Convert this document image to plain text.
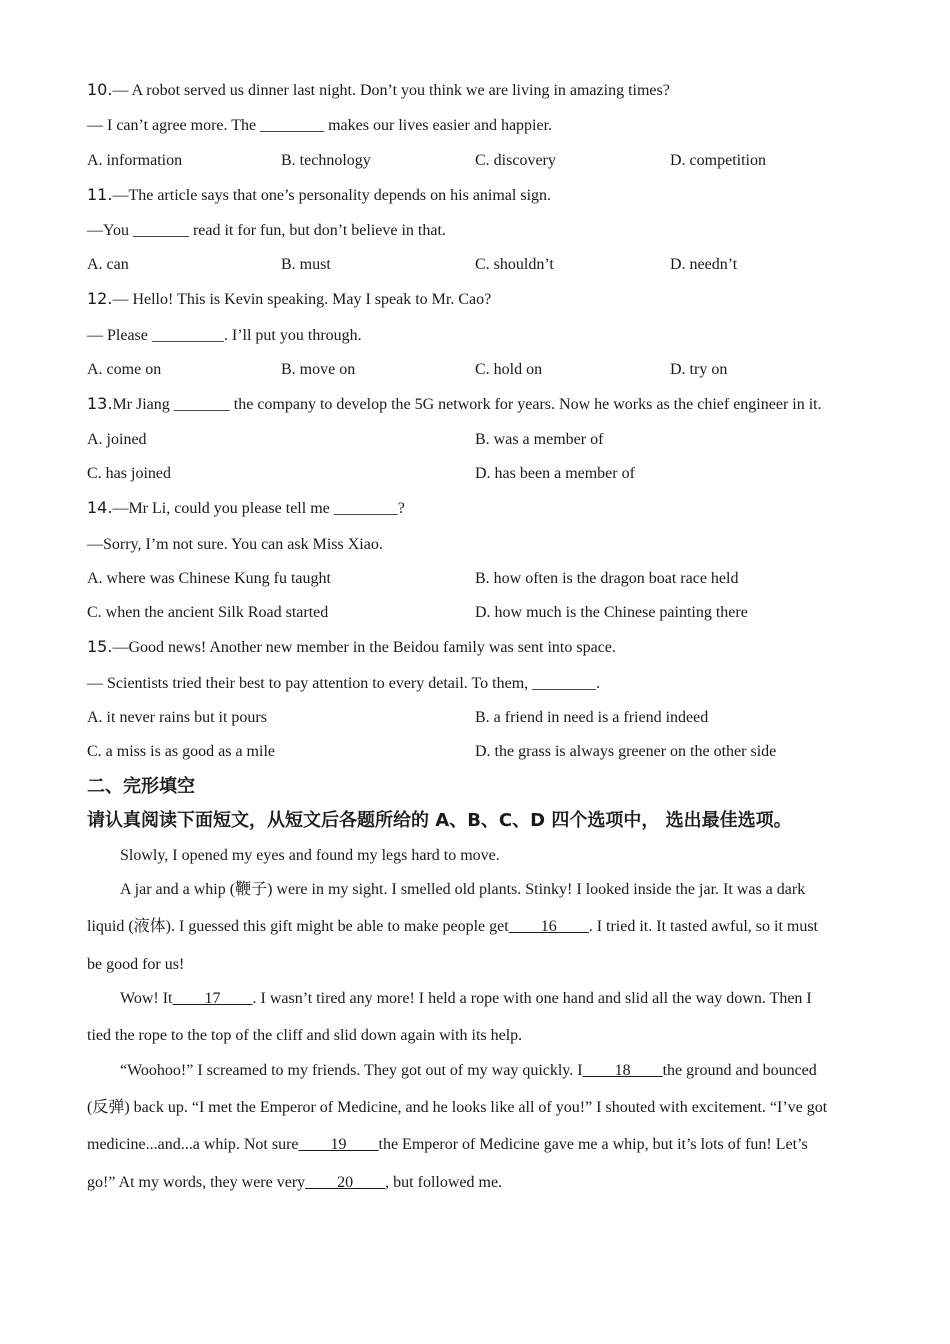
10.— A robot served us dinner last night. Don’t you think we are living in amazing times?
— I can’t agree more. The ________ makes our lives easier and happier.
A. information	B. technology	C. discovery	D. competition
11.—The article says that one’s personality depends on his animal sign.
—You _______ read it for fun, but don’t believe in that.
A. can	B. must	C. shouldn’t	D. needn’t
12.— Hello! This is Kevin speaking. May I speak to Mr. Cao?
— Please _________. I’ll put you through.
A. come on	B. move on	C. hold on	D. try on
13.Mr Jiang _______ the company to develop the 5G network for years. Now he works as the chief engineer in it.
A. joined	B. was a member of
C. has joined	D. has been a member of
14.—Mr Li, could you please tell me ________?
—Sorry, I’m not sure. You can ask Miss Xiao.
A. where was Chinese Kung fu taught	B. how often is the dragon boat race held
C. when the ancient Silk Road started	D. how much is the Chinese painting there
15.—Good news! Another new member in the Beidou family was sent into space.
— Scientists tried their best to pay attention to every detail. To them, ________.
A. it never rains but it pours	B. a friend in need is a friend indeed
C. a miss is as good as a mile	D. the grass is always greener on the other side
二、完形填空
请认真阅读下面短文，从短文后各题所给的 A、B、C、D 四个选项中， 选出最佳选项。
Slowly, I opened my eyes and found my legs hard to move.
A jar and a whip (鞭子) were in my sight. I smelled old plants. Stinky! I looked inside the jar. It was a dark
liquid (液体). I guessed this gift might be able to make people get____16____. I tried it. It tasted awful, so it must
be good for us!
Wow! It____17____. I wasn’t tired any more! I held a rope with one hand and slid all the way down. Then I
tied the rope to the top of the cliff and slid down again with its help.
“Woohoo!” I screamed to my friends. They got out of my way quickly. I____18____the ground and bounced
(反弹) back up. “I met the Emperor of Medicine, and he looks like all of you!” I shouted with excitement. “I’ve got
medicine...and...a whip. Not sure____19____the Emperor of Medicine gave me a whip, but it’s lots of fun! Let’s
go!” At my words, they were very____20____, but followed me.
